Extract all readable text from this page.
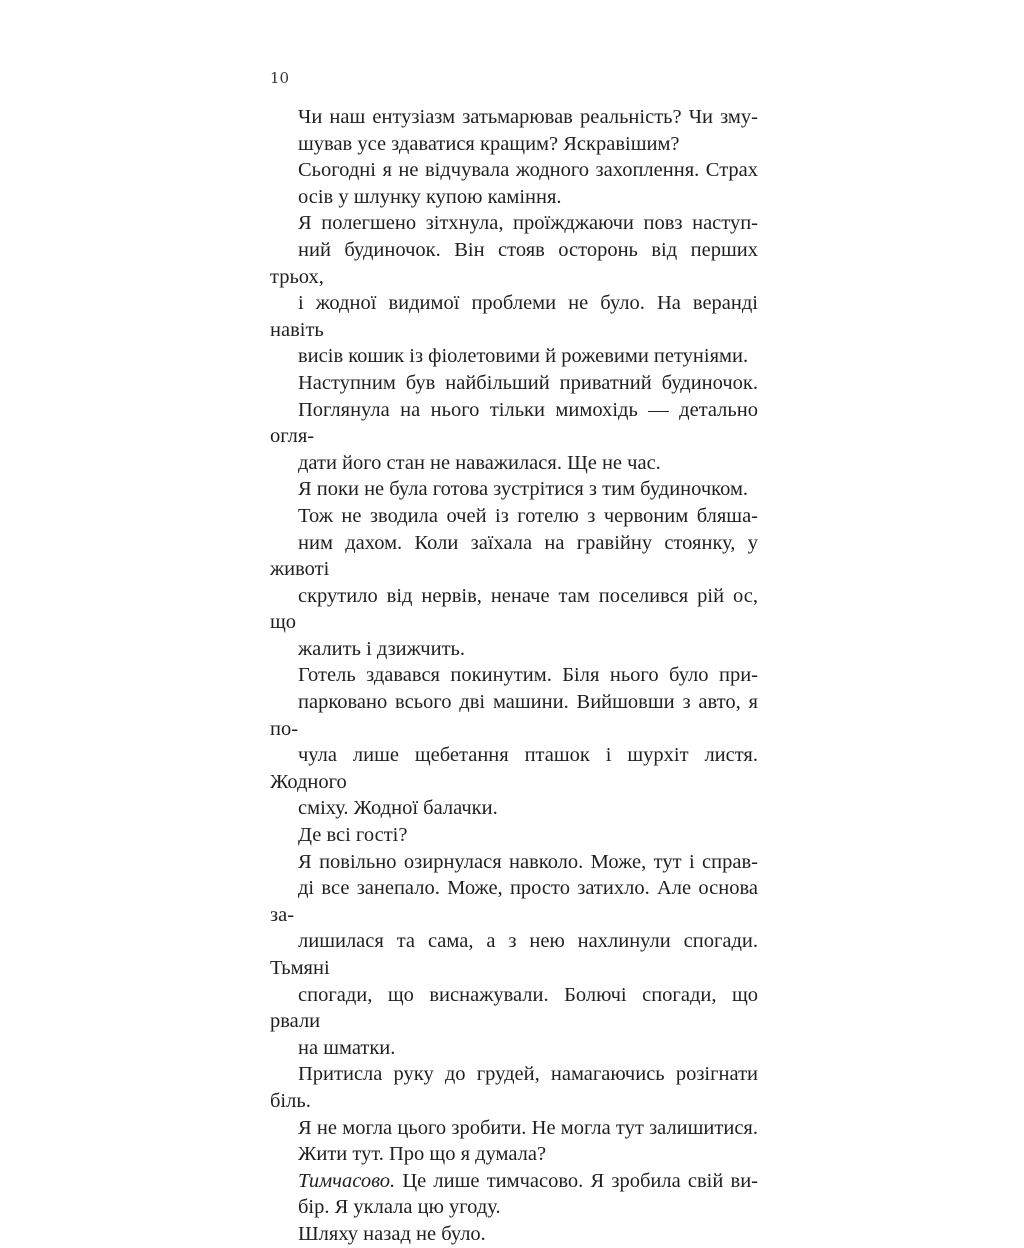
10

Чи наш ентузіазм затьмарював реальність? Чи зму-
шував усе здаватися кращим? Яскравішим?

Сьогодні я не відчувала жодного захоплення. Страх
осів у шлунку купою каміння.

Я полегшено зітхнула, проїжджаючи повз наступ-
ний будиночок. Він стояв осторонь від перших трьох,
і жодної видимої проблеми не було. На веранді навіть
висів кошик із фіолетовими й рожевими петуніями.

Наступним був найбільший приватний будиночок.
Поглянула на нього тільки мимохідь — детально огля-
дати його стан не наважилася. Ще не час.

Я поки не була готова зустрітися з тим будиночком.

Тож не зводила очей із готелю з червоним бляша-
ним дахом. Коли заїхала на гравійну стоянку, у животі
скрутило від нервів, неначе там поселився рій ос, що
жалить і дзижчить.

Готель здавався покинутим. Біля нього було при-
парковано всього дві машини. Вийшовши з авто, я по-
чула лише щебетання пташок і шурхіт листя. Жодного
сміху. Жодної балачки.

Де всі гості?

Я повільно озирнулася навколо. Може, тут і справ-
ді все занепало. Може, просто затихло. Але основа за-
лишилася та сама, а з нею нахлинули спогади. Тьмяні
спогади, що виснажували. Болючі спогади, що рвали
на шматки.

Притисла руку до грудей, намагаючись розігнати біль.

Я не могла цього зробити. Не могла тут залишитися.
Жити тут. Про що я думала?

Тимчасово. Це лише тимчасово. Я зробила свій ви-
бір. Я уклала цю угоду.

Шляху назад не було.
